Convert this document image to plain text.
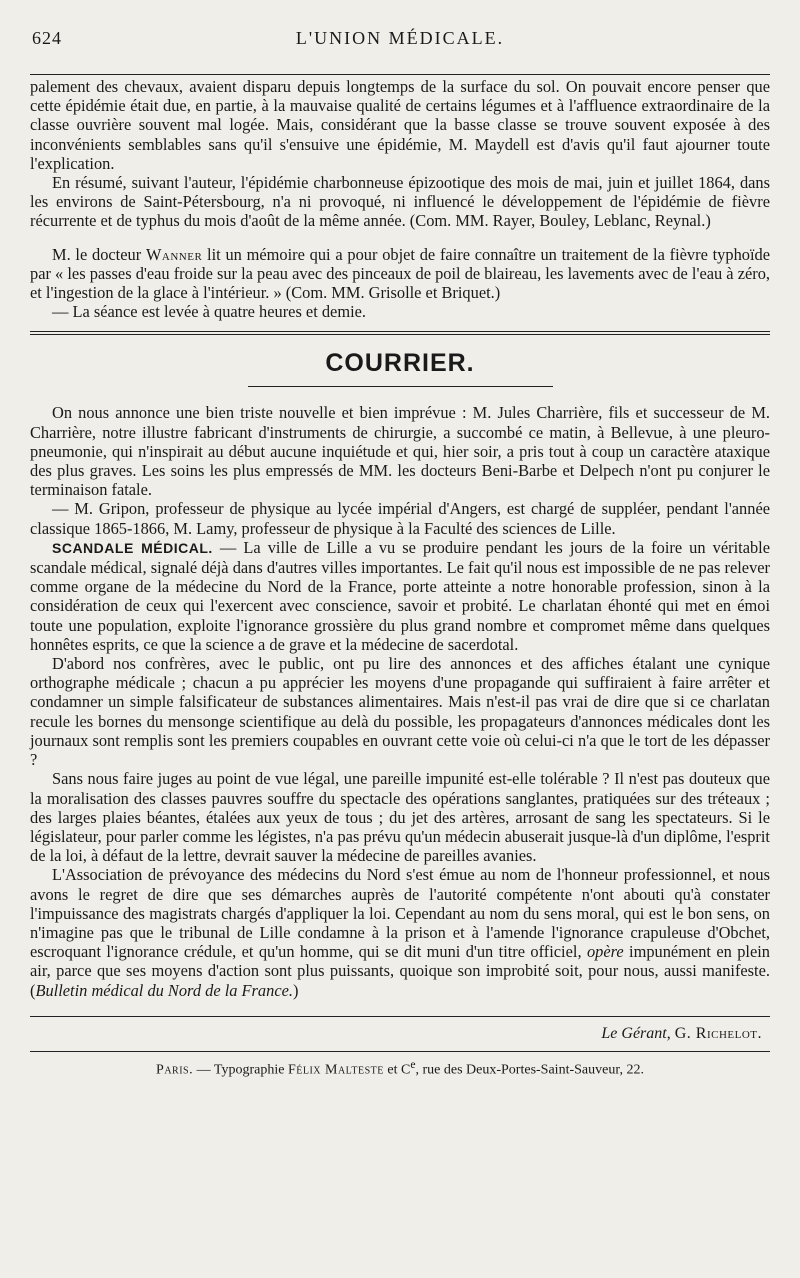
624	L'UNION MÉDICALE.

palement des chevaux, avaient disparu depuis longtemps de la surface du sol. On pouvait encore penser que cette épidémie était due, en partie, à la mauvaise qualité de certains légumes et à l'affluence extraordinaire de la classe ouvrière souvent mal logée. Mais, considérant que la basse classe se trouve souvent exposée à des inconvénients semblables sans qu'il s'ensuive une épidémie, M. Maydell est d'avis qu'il faut ajourner toute l'explication.

En résumé, suivant l'auteur, l'épidémie charbonneuse épizootique des mois de mai, juin et juillet 1864, dans les environs de Saint-Pétersbourg, n'a ni provoqué, ni influencé le développement de l'épidémie de fièvre récurrente et de typhus du mois d'août de la même année. (Com. MM. Rayer, Bouley, Leblanc, Reynal.)

M. le docteur Wanner lit un mémoire qui a pour objet de faire connaître un traitement de la fièvre typhoïde par « les passes d'eau froide sur la peau avec des pinceaux de poil de blaireau, les lavements avec de l'eau à zéro, et l'ingestion de la glace à l'intérieur. » (Com. MM. Grisolle et Briquet.)

— La séance est levée à quatre heures et demie.

COURRIER.

On nous annonce une bien triste nouvelle et bien imprévue : M. Jules Charrière, fils et successeur de M. Charrière, notre illustre fabricant d'instruments de chirurgie, a succombé ce matin, à Bellevue, à une pleuro-pneumonie, qui n'inspirait au début aucune inquiétude et qui, hier soir, a pris tout à coup un caractère ataxique des plus graves. Les soins les plus empressés de MM. les docteurs Beni-Barbe et Delpech n'ont pu conjurer le terminaison fatale.

— M. Gripon, professeur de physique au lycée impérial d'Angers, est chargé de suppléer, pendant l'année classique 1865-1866, M. Lamy, professeur de physique à la Faculté des sciences de Lille.

SCANDALE MÉDICAL. — La ville de Lille a vu se produire pendant les jours de la foire un véritable scandale médical, signalé déjà dans d'autres villes importantes. Le fait qu'il nous est impossible de ne pas relever comme organe de la médecine du Nord de la France, porte atteinte a notre honorable profession, sinon à la considération de ceux qui l'exercent avec conscience, savoir et probité. Le charlatan éhonté qui met en émoi toute une population, exploite l'ignorance grossière du plus grand nombre et compromet même dans quelques honnêtes esprits, ce que la science a de grave et la médecine de sacerdotal.

D'abord nos confrères, avec le public, ont pu lire des annonces et des affiches étalant une cynique orthographe médicale ; chacun a pu apprécier les moyens d'une propagande qui suffiraient à faire arrêter et condamner un simple falsificateur de substances alimentaires. Mais n'est-il pas vrai de dire que si ce charlatan recule les bornes du mensonge scientifique au delà du possible, les propagateurs d'annonces médicales dont les journaux sont remplis sont les premiers coupables en ouvrant cette voie où celui-ci n'a que le tort de les dépasser ?

Sans nous faire juges au point de vue légal, une pareille impunité est-elle tolérable ? Il n'est pas douteux que la moralisation des classes pauvres souffre du spectacle des opérations sanglantes, pratiquées sur des tréteaux ; des larges plaies béantes, étalées aux yeux de tous ; du jet des artères, arrosant de sang les spectateurs. Si le législateur, pour parler comme les légistes, n'a pas prévu qu'un médecin abuserait jusque-là d'un diplôme, l'esprit de la loi, à défaut de la lettre, devrait sauver la médecine de pareilles avanies.

L'Association de prévoyance des médecins du Nord s'est émue au nom de l'honneur professionnel, et nous avons le regret de dire que ses démarches auprès de l'autorité compétente n'ont abouti qu'à constater l'impuissance des magistrats chargés d'appliquer la loi. Cependant au nom du sens moral, qui est le bon sens, on n'imagine pas que le tribunal de Lille condamne à la prison et à l'amende l'ignorance crapuleuse d'Obchet, escroquant l'ignorance crédule, et qu'un homme, qui se dit muni d'un titre officiel, opère impunément en plein air, parce que ses moyens d'action sont plus puissants, quoique son improbité soit, pour nous, aussi manifeste. (Bulletin médical du Nord de la France.)

Le Gérant, G. Richelot.
Paris. — Typographie Félix Malteste et Ce, rue des Deux-Portes-Saint-Sauveur, 22.
